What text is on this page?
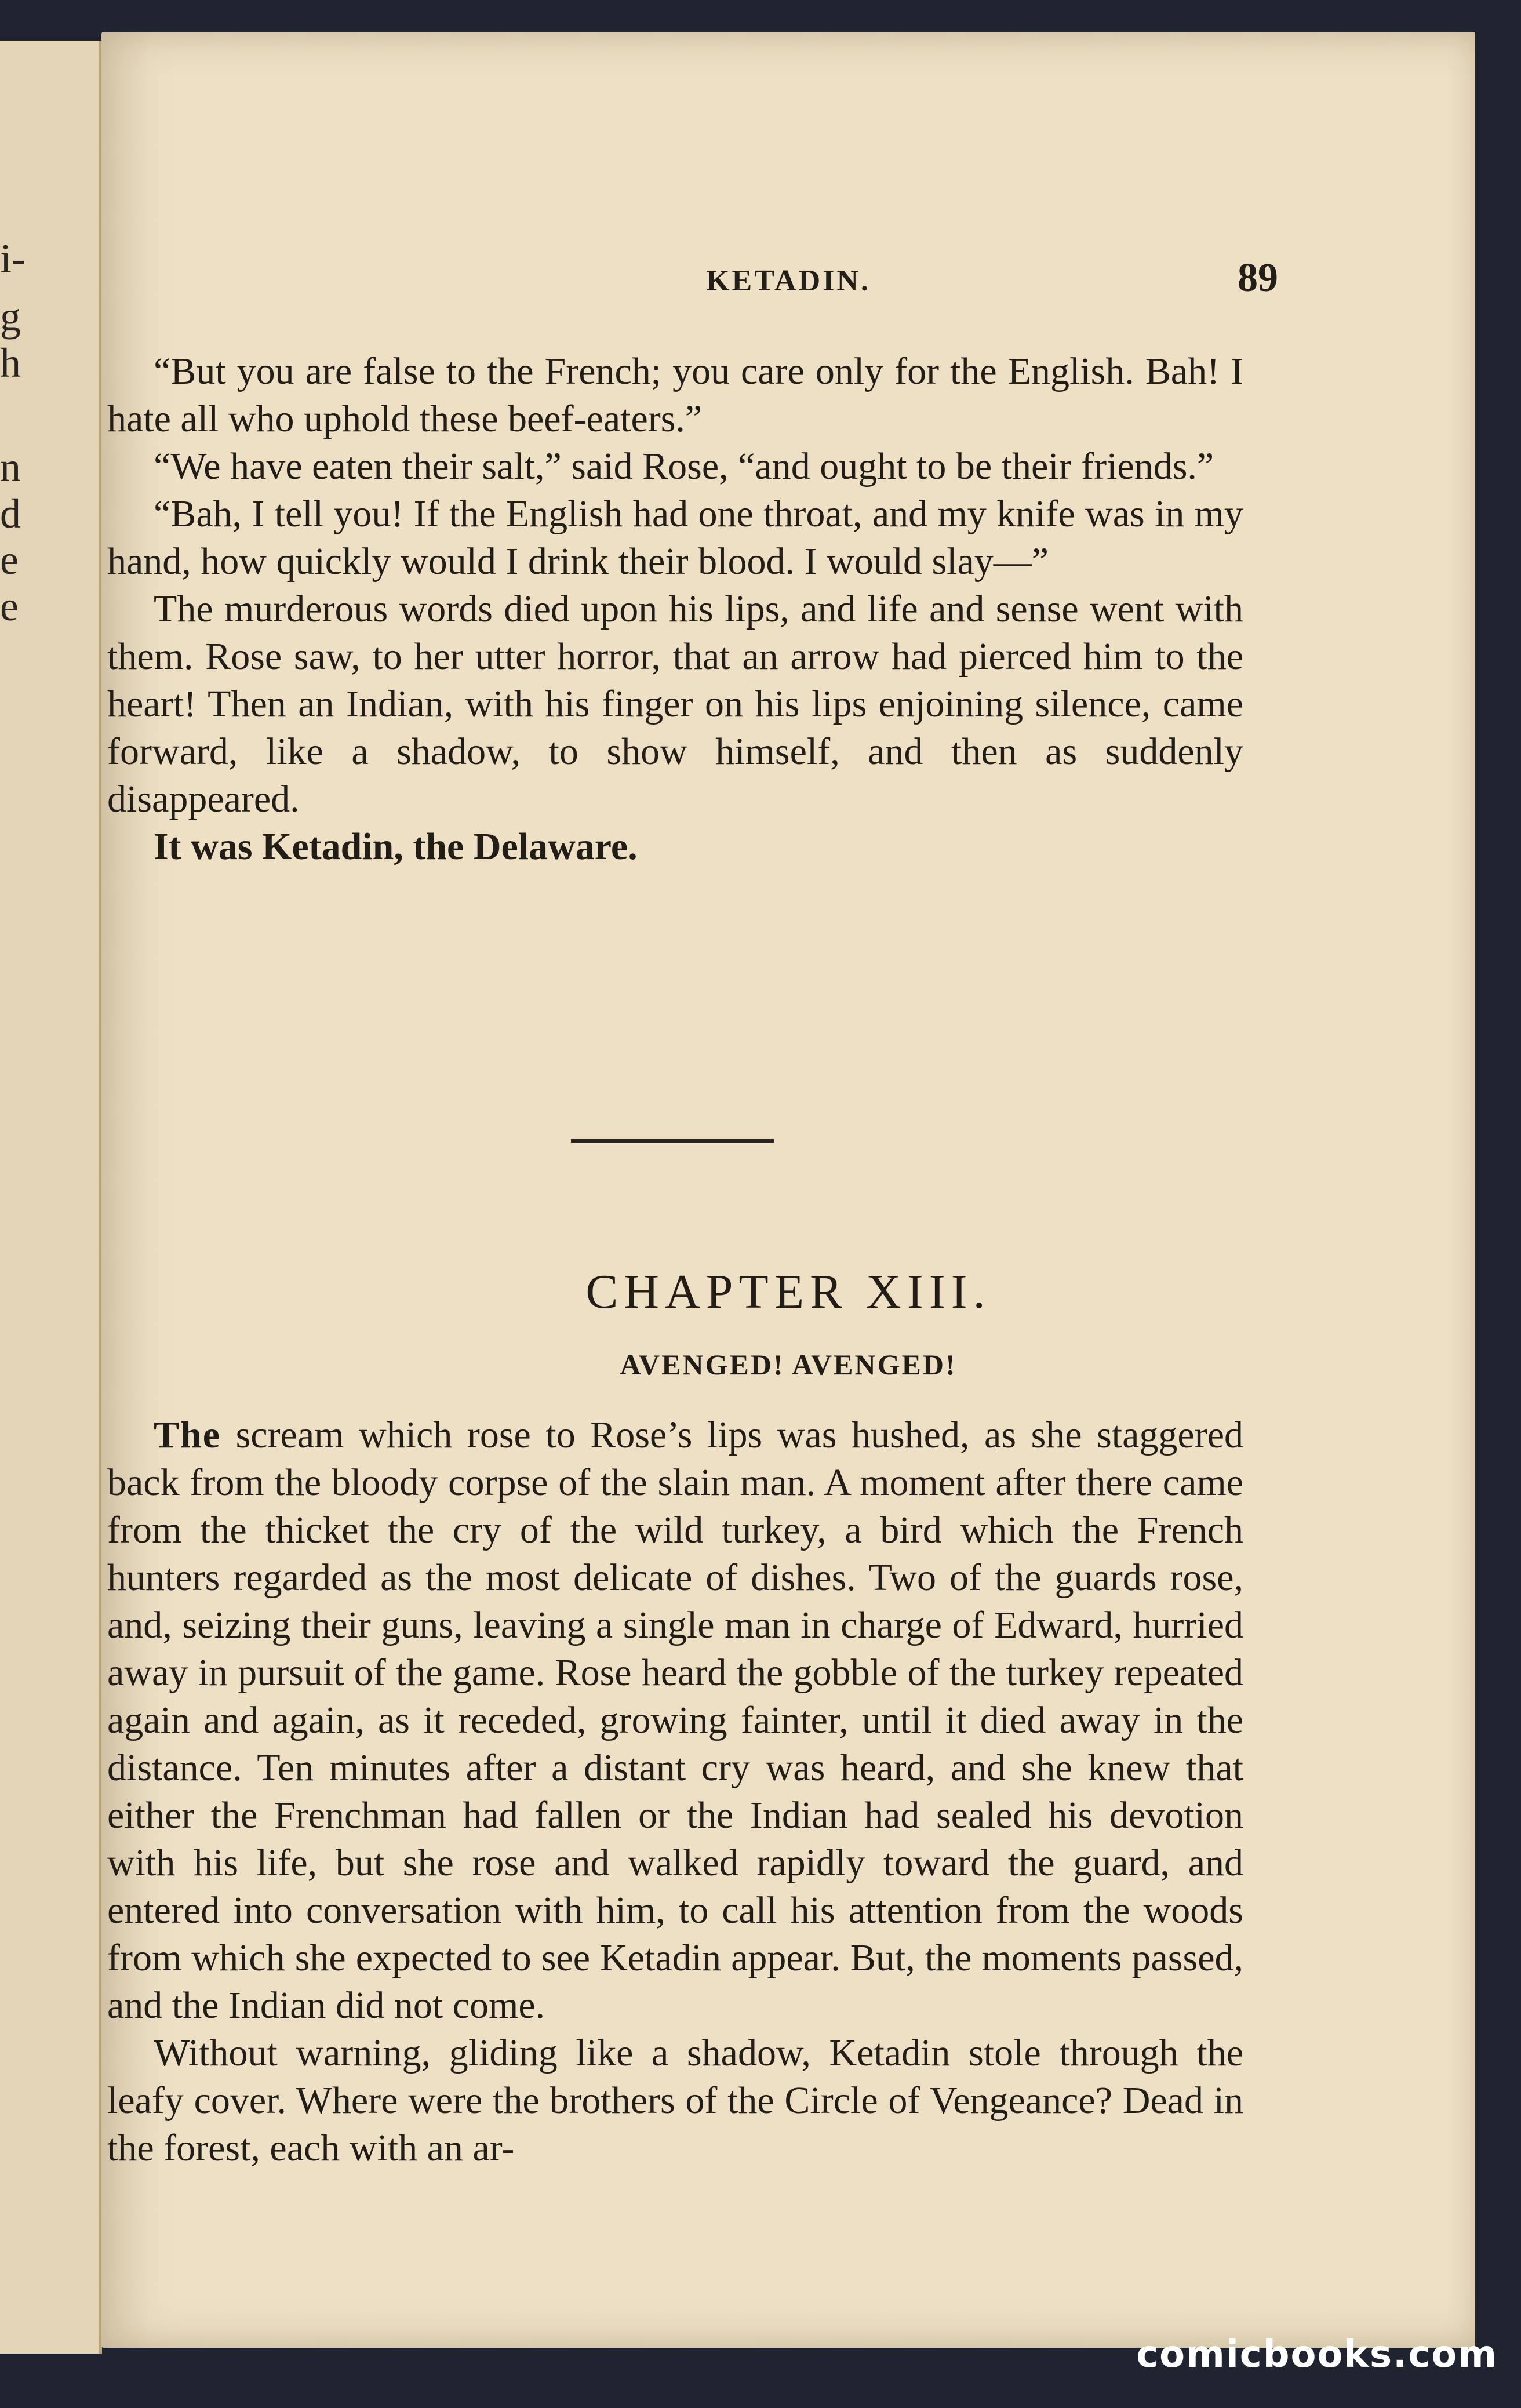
i-
g
h
n
d
e
e
KETADIN.	89

“But you are false to the French; you care only for the English. Bah! I hate all who uphold these beef-eaters.”

“We have eaten their salt,” said Rose, “and ought to be their friends.”

“Bah, I tell you! If the English had one throat, and my knife was in my hand, how quickly would I drink their blood. I would slay—”

The murderous words died upon his lips, and life and sense went with them. Rose saw, to her utter horror, that an arrow had pierced him to the heart! Then an Indian, with his finger on his lips enjoining silence, came forward, like a shadow, to show himself, and then as suddenly disappeared.

It was Ketadin, the Delaware.

CHAPTER XIII.
AVENGED! AVENGED!

The scream which rose to Rose’s lips was hushed, as she staggered back from the bloody corpse of the slain man. A moment after there came from the thicket the cry of the wild turkey, a bird which the French hunters regarded as the most delicate of dishes. Two of the guards rose, and, seizing their guns, leaving a single man in charge of Edward, hurried away in pursuit of the game. Rose heard the gobble of the turkey repeated again and again, as it receded, growing fainter, until it died away in the distance. Ten minutes after a distant cry was heard, and she knew that either the Frenchman had fallen or the Indian had sealed his devotion with his life, but she rose and walked rapidly toward the guard, and entered into conversation with him, to call his attention from the woods from which she expected to see Ketadin appear. But, the moments passed, and the Indian did not come.

Without warning, gliding like a shadow, Ketadin stole through the leafy cover. Where were the brothers of the Circle of Vengeance? Dead in the forest, each with an ar-

comicbooks.com
